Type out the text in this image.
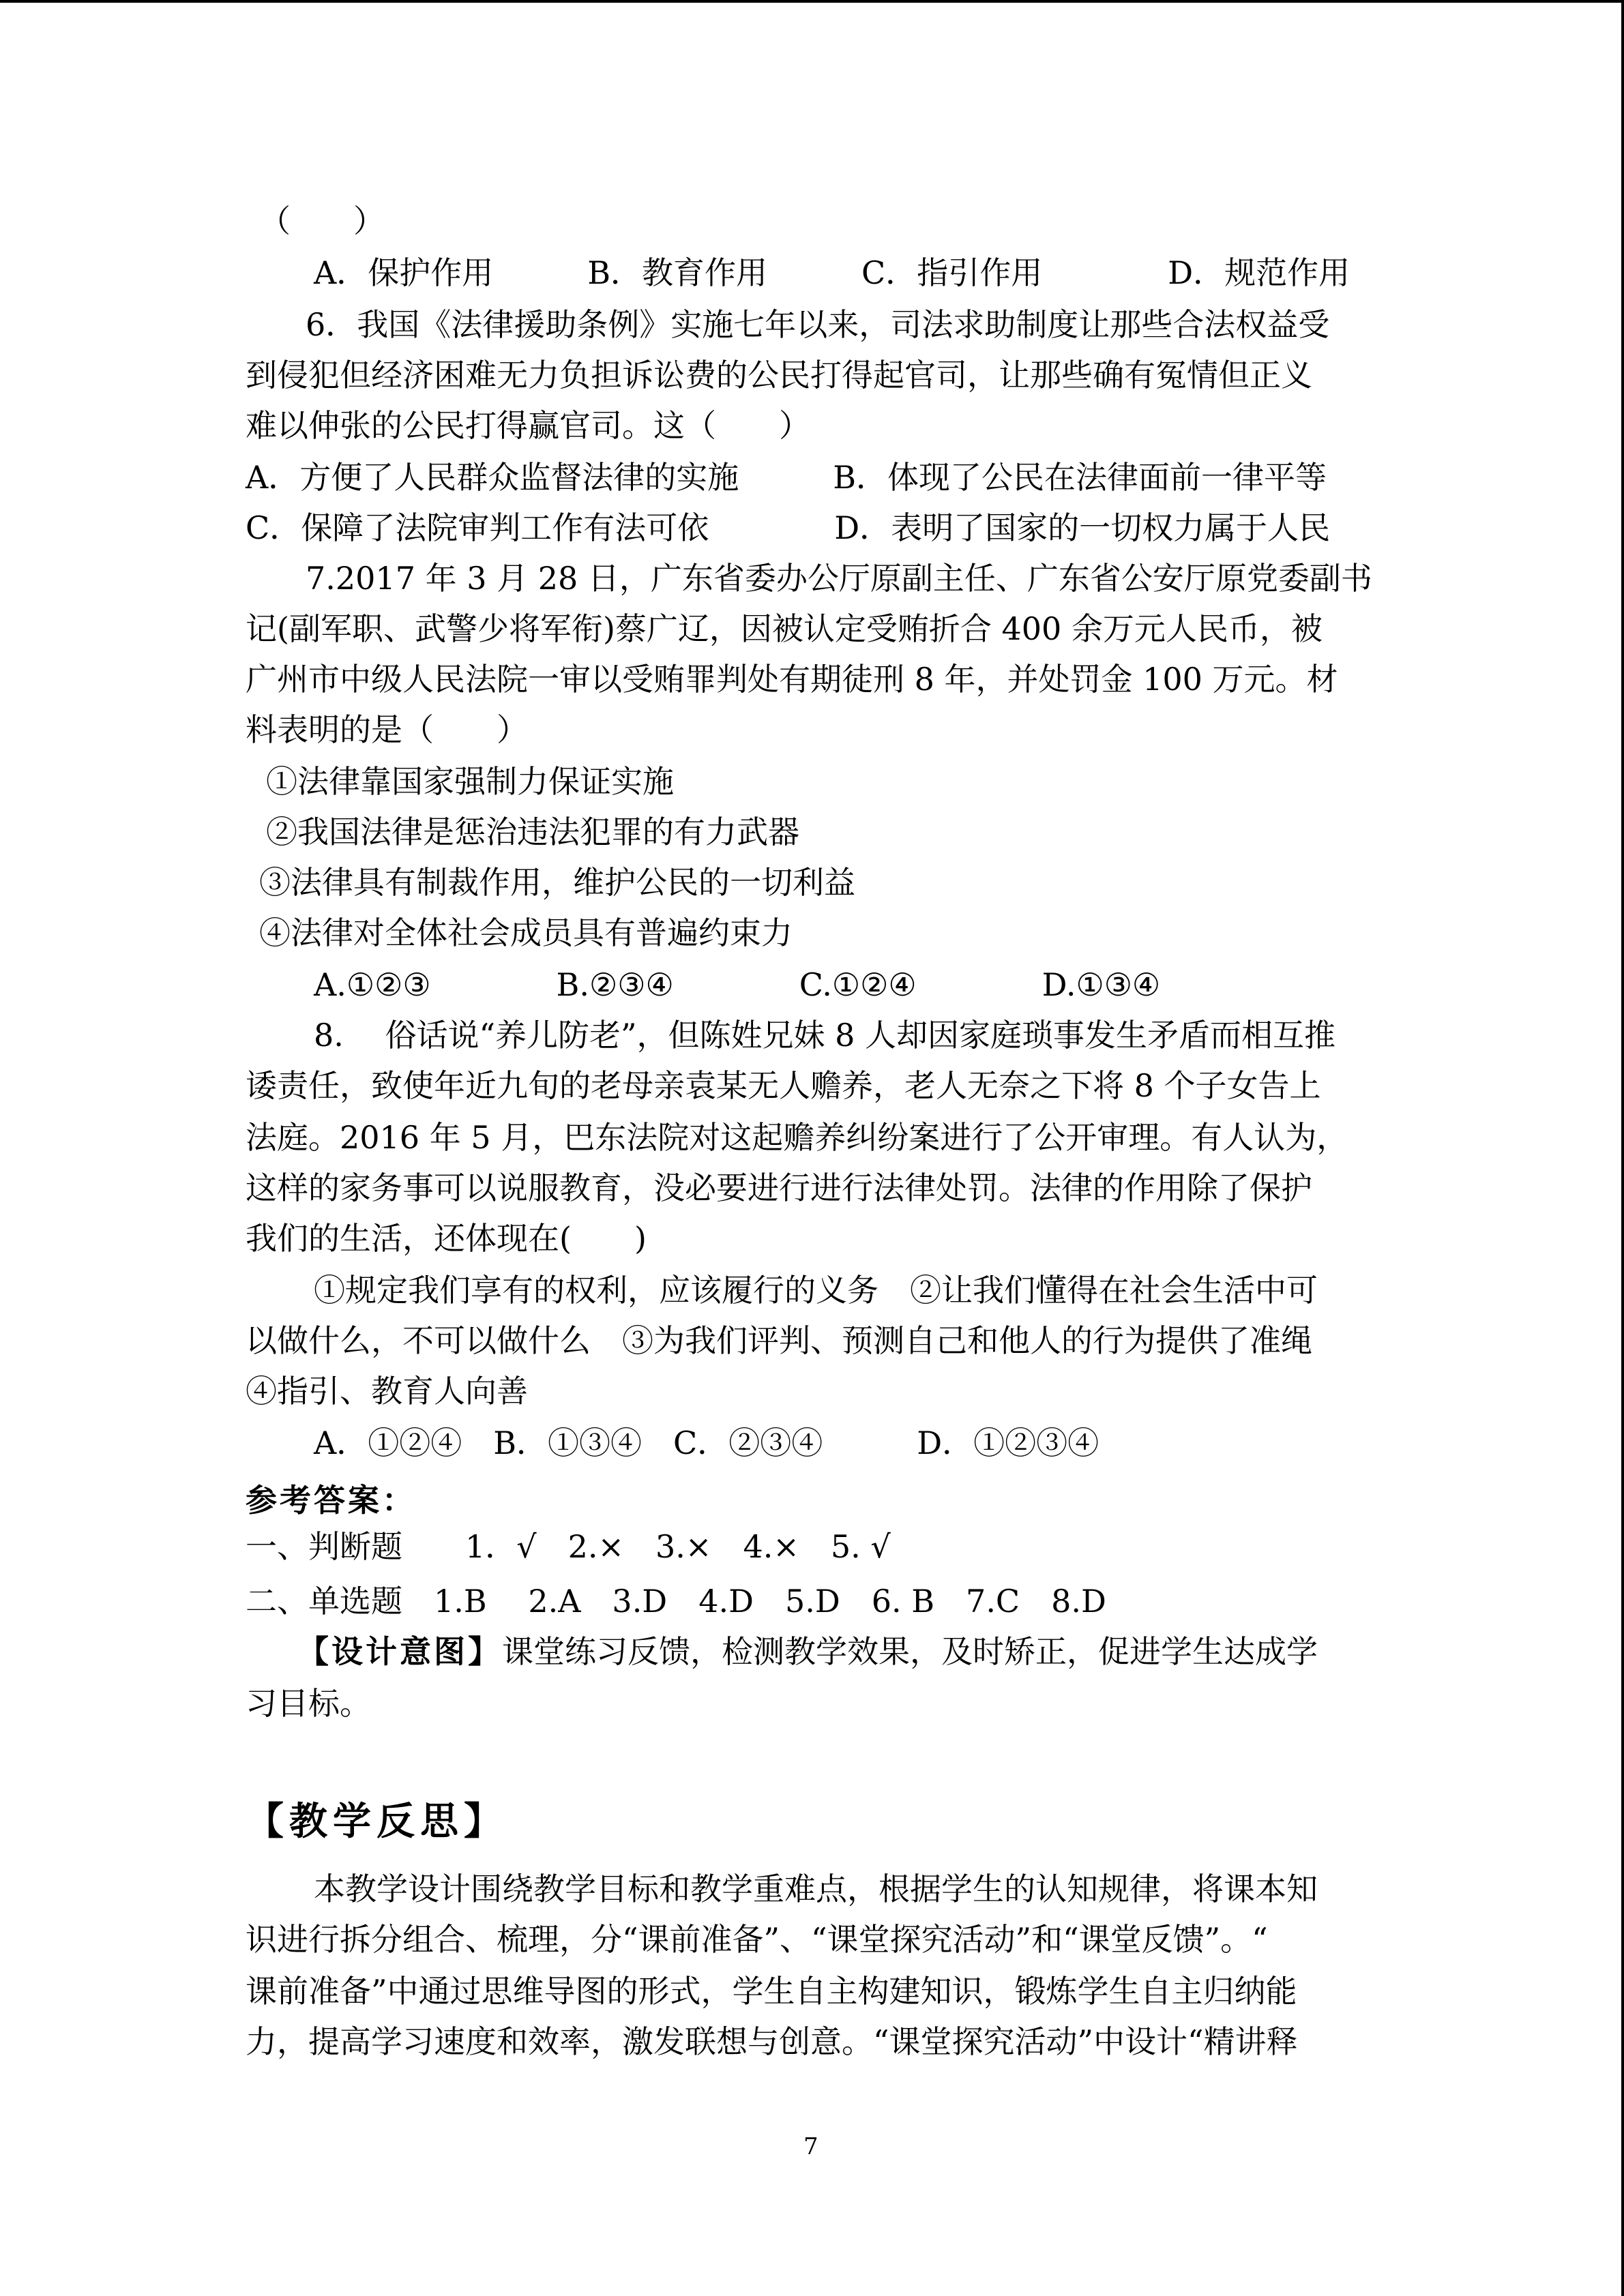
（　　）
A．保护作用　　　B．教育作用　　　C．指引作用　　　　D．规范作用
6．我国《法律援助条例》实施七年以来，司法求助制度让那些合法权益受
到侵犯但经济困难无力负担诉讼费的公民打得起官司，让那些确有冤情但正义
难以伸张的公民打得赢官司。这（　　）
A．方便了人民群众监督法律的实施　　　B．体现了公民在法律面前一律平等
C．保障了法院审判工作有法可依　　　　D．表明了国家的一切权力属于人民
7.2017 年 3 月 28 日，广东省委办公厅原副主任、广东省公安厅原党委副书
记(副军职、武警少将军衔)蔡广辽，因被认定受贿折合 400 余万元人民币，被
广州市中级人民法院一审以受贿罪判处有期徒刑 8 年，并处罚金 100 万元。材
料表明的是（　　）
①法律靠国家强制力保证实施
②我国法律是惩治违法犯罪的有力武器
③法律具有制裁作用，维护公民的一切利益
④法律对全体社会成员具有普遍约束力
A.①②③　　　　B.②③④　　　　C.①②④　　　　D.①③④
8.　 俗话说“养儿防老”，但陈姓兄妹 8 人却因家庭琐事发生矛盾而相互推
诿责任，致使年近九旬的老母亲袁某无人赡养，老人无奈之下将 8 个子女告上
法庭。2016 年 5 月，巴东法院对这起赡养纠纷案进行了公开审理。有人认为，
这样的家务事可以说服教育，没必要进行进行法律处罚。法律的作用除了保护
我们的生活，还体现在(　　)
①规定我们享有的权利，应该履行的义务　②让我们懂得在社会生活中可
以做什么，不可以做什么　③为我们评判、预测自己和他人的行为提供了准绳
④指引、教育人向善
A．①②④　B．①③④　C．②③④　　　D．①②③④
参考答案：
一、判断题　　1．√　2.×　3.×　4.×　5. √
二、单选题　1.B　 2.A　3.D　4.D　5.D　6. B　7.C　8.D
【设计意图】课堂练习反馈，检测教学效果，及时矫正，促进学生达成学
习目标。
【教学反思】
本教学设计围绕教学目标和教学重难点，根据学生的认知规律，将课本知
识进行拆分组合、梳理，分“课前准备”、“课堂探究活动”和“课堂反馈”。“
课前准备”中通过思维导图的形式，学生自主构建知识，锻炼学生自主归纳能
力，提高学习速度和效率，激发联想与创意。“课堂探究活动”中设计“精讲释
7
